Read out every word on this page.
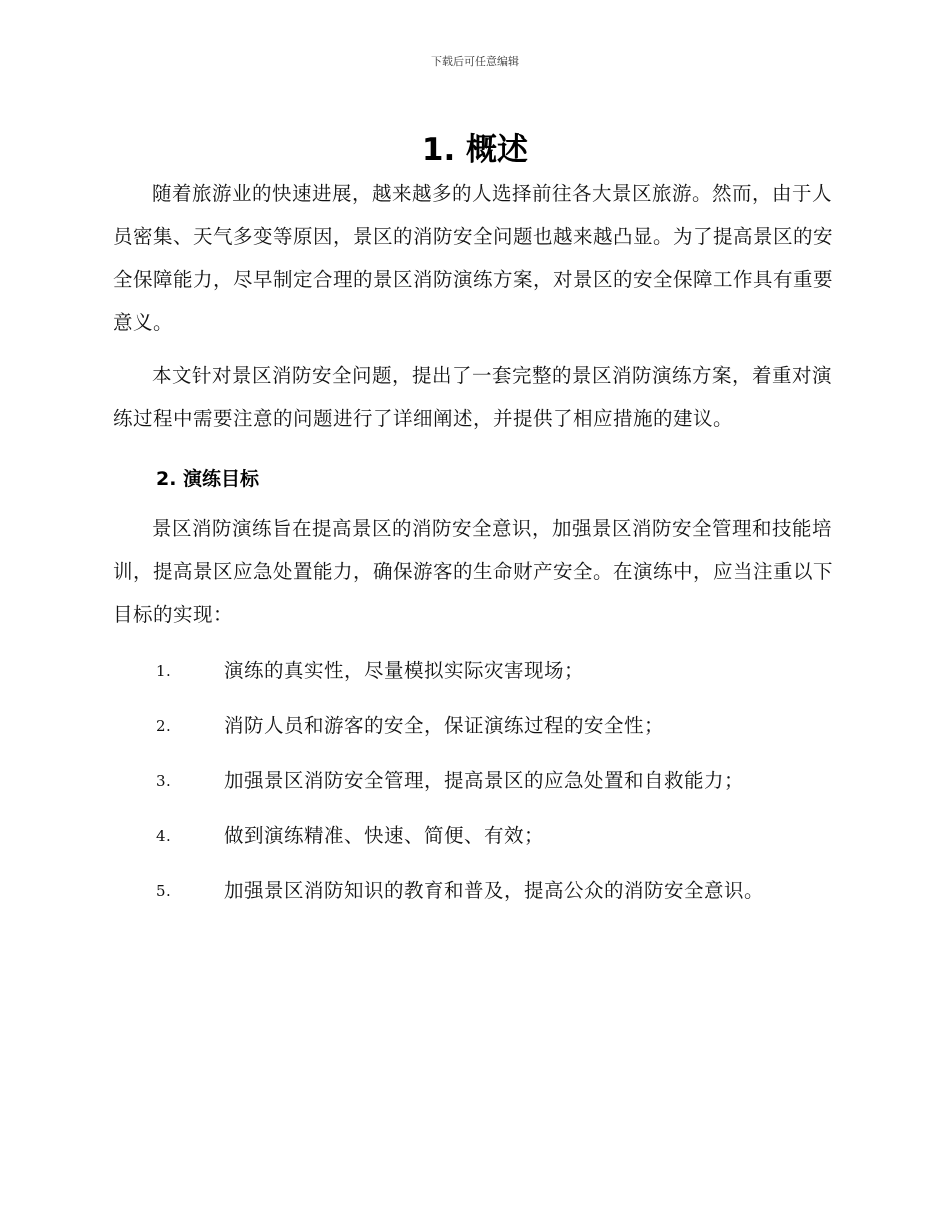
下载后可任意编辑
1. 概述

随着旅游业的快速进展，越来越多的人选择前往各大景区旅游。然而，由于人员密集、天气多变等原因，景区的消防安全问题也越来越凸显。为了提高景区的安全保障能力，尽早制定合理的景区消防演练方案，对景区的安全保障工作具有重要意义。

本文针对景区消防安全问题，提出了一套完整的景区消防演练方案，着重对演练过程中需要注意的问题进行了详细阐述，并提供了相应措施的建议。

2. 演练目标

景区消防演练旨在提高景区的消防安全意识，加强景区消防安全管理和技能培训，提高景区应急处置能力，确保游客的生命财产安全。在演练中，应当注重以下目标的实现：

1.	演练的真实性，尽量模拟实际灾害现场；
2.	消防人员和游客的安全，保证演练过程的安全性；
3.	加强景区消防安全管理，提高景区的应急处置和自救能力；
4.	做到演练精准、快速、简便、有效；
5.	加强景区消防知识的教育和普及，提高公众的消防安全意识。
